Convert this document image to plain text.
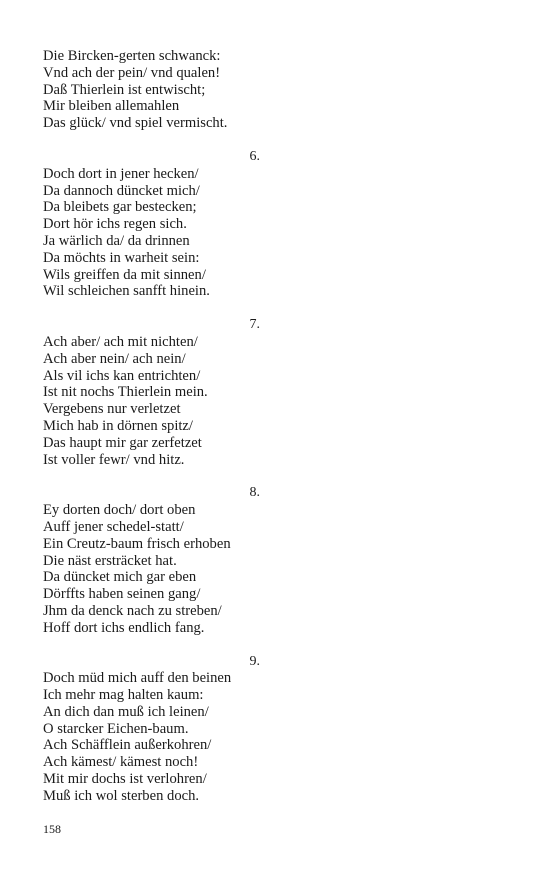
Die Bircken-gerten schwanck:
Vnd ach der pein/ vnd qualen!
Daß Thierlein ist entwischt;
Mir bleiben allemahlen
Das glück/ vnd spiel vermischt.
6.
Doch dort in jener hecken/
Da dannoch düncket mich/
Da bleibets gar bestecken;
Dort hör ichs regen sich.
Ja wärlich da/ da drinnen
Da möchts in warheit sein:
Wils greiffen da mit sinnen/
Wil schleichen sanfft hinein.
7.
Ach aber/ ach mit nichten/
Ach aber nein/ ach nein/
Als vil ichs kan entrichten/
Ist nit nochs Thierlein mein.
Vergebens nur verletzet
Mich hab in dörnen spitz/
Das haupt mir gar zerfetzet
Ist voller fewr/ vnd hitz.
8.
Ey dorten doch/ dort oben
Auff jener schedel-statt/
Ein Creutz-baum frisch erhoben
Die näst ersträcket hat.
Da düncket mich gar eben
Dörffts haben seinen gang/
Jhm da denck nach zu streben/
Hoff dort ichs endlich fang.
9.
Doch müd mich auff den beinen
Ich mehr mag halten kaum:
An dich dan muß ich leinen/
O starcker Eichen-baum.
Ach Schäfflein außerkohren/
Ach kämest/ kämest noch!
Mit mir dochs ist verlohren/
Muß ich wol sterben doch.
158
